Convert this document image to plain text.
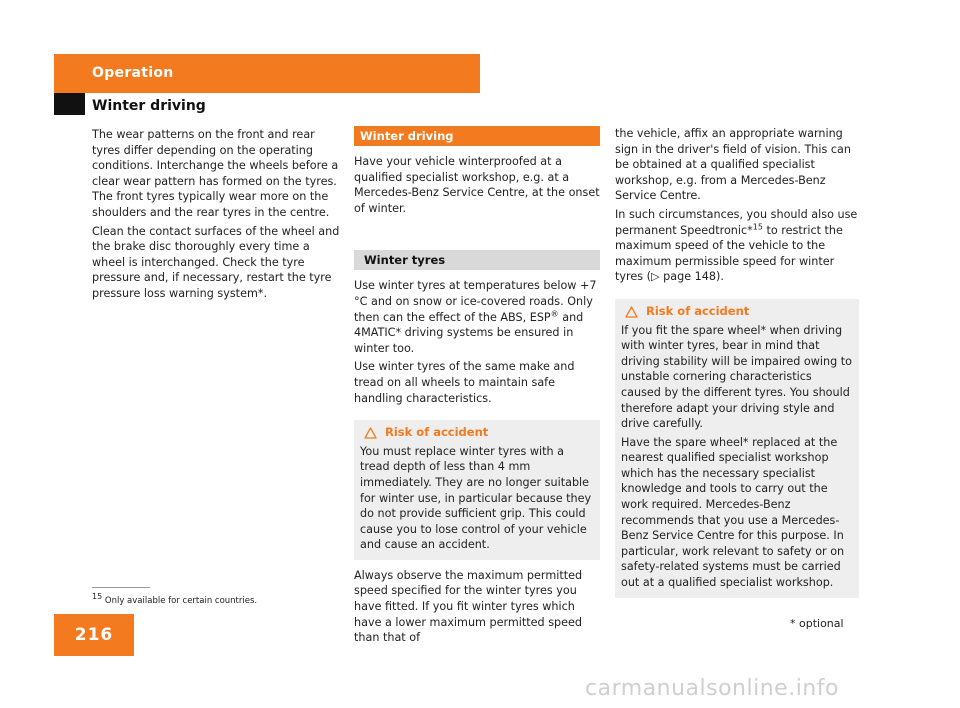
Operation
Winter driving

The wear patterns on the front and rear tyres differ depending on the operating conditions. Interchange the wheels before a clear wear pattern has formed on the tyres. The front tyres typically wear more on the shoulders and the rear tyres in the centre.

Clean the contact surfaces of the wheel and the brake disc thoroughly every time a wheel is interchanged. Check the tyre pressure and, if necessary, restart the tyre pressure loss warning system*.

Winter driving

Have your vehicle winterproofed at a qualified specialist workshop, e.g. at a Mercedes-Benz Service Centre, at the onset of winter.

Winter tyres

Use winter tyres at temperatures below +7 °C and on snow or ice-covered roads. Only then can the effect of the ABS, ESP® and 4MATIC* driving systems be ensured in winter too.

Use winter tyres of the same make and tread on all wheels to maintain safe handling characteristics.

Risk of accident

You must replace winter tyres with a tread depth of less than 4 mm immediately. They are no longer suitable for winter use, in particular because they do not provide sufficient grip. This could cause you to lose control of your vehicle and cause an accident.

Always observe the maximum permitted speed specified for the winter tyres you have fitted. If you fit winter tyres which have a lower maximum permitted speed than that of

the vehicle, affix an appropriate warning sign in the driver's field of vision. This can be obtained at a qualified specialist workshop, e.g. from a Mercedes-Benz Service Centre.

In such circumstances, you should also use permanent Speedtronic*$^{15}$ to restrict the maximum speed of the vehicle to the maximum permissible speed for winter tyres (▷ page 148).

Risk of accident

If you fit the spare wheel* when driving with winter tyres, bear in mind that driving stability will be impaired owing to unstable cornering characteristics caused by the different tyres. You should therefore adapt your driving style and drive carefully.

Have the spare wheel* replaced at the nearest qualified specialist workshop which has the necessary specialist knowledge and tools to carry out the work required. Mercedes-Benz recommends that you use a Mercedes-Benz Service Centre for this purpose. In particular, work relevant to safety or on safety-related systems must be carried out at a qualified specialist workshop.

$^{15}$ Only available for certain countries.
216
* optional
carmanualsonline.info
